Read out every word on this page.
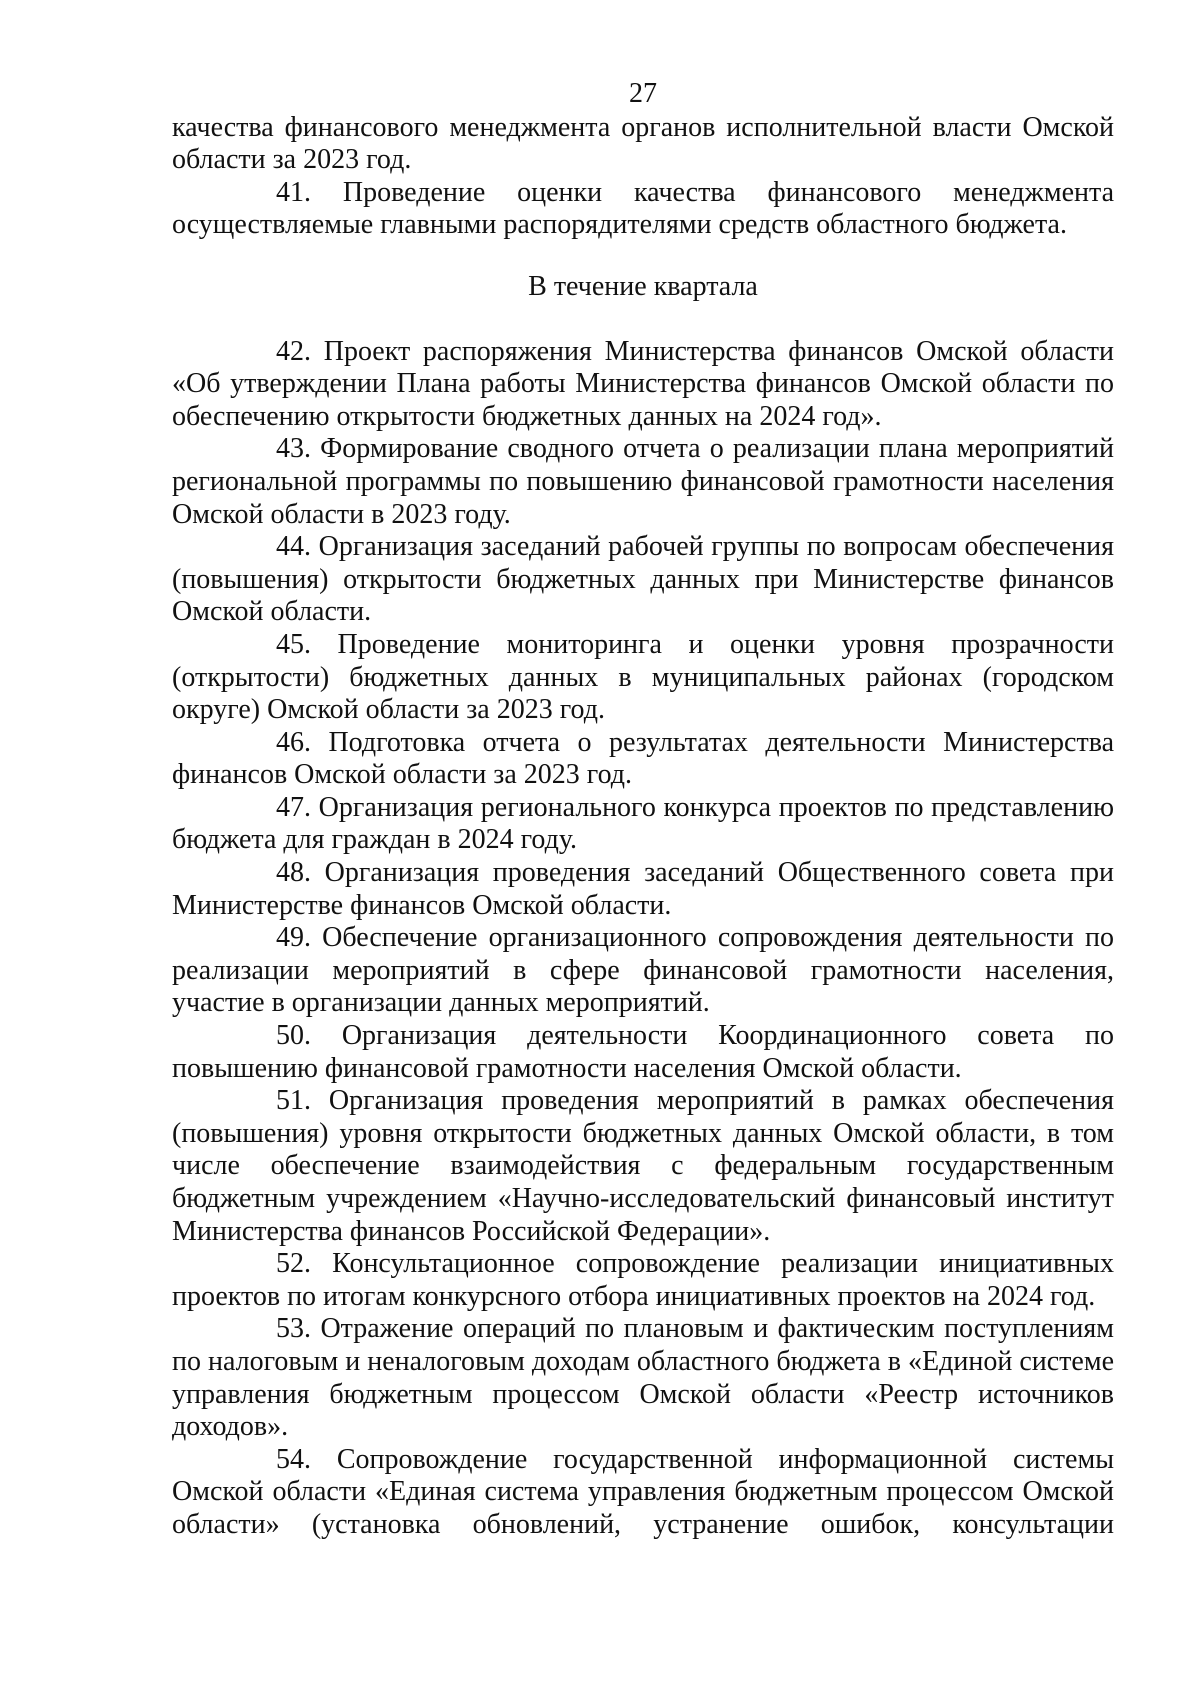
27

качества финансового менеджмента органов исполнительной власти Омской области за 2023 год.

41. Проведение оценки качества финансового менеджмента осуществляемые главными распорядителями средств областного бюджета.

В течение квартала

42. Проект распоряжения Министерства финансов Омской области «Об утверждении Плана работы Министерства финансов Омской области по обеспечению открытости бюджетных данных на 2024 год».

43. Формирование сводного отчета о реализации плана мероприятий региональной программы по повышению финансовой грамотности населения Омской области в 2023 году.

44. Организация заседаний рабочей группы по вопросам обеспечения (повышения) открытости бюджетных данных при Министерстве финансов Омской области.

45. Проведение мониторинга и оценки уровня прозрачности (открытости) бюджетных данных в муниципальных районах (городском округе) Омской области за 2023 год.

46. Подготовка отчета о результатах деятельности Министерства финансов Омской области за 2023 год.

47. Организация регионального конкурса проектов по представлению бюджета для граждан в 2024 году.

48. Организация проведения заседаний Общественного совета при Министерстве финансов Омской области.

49. Обеспечение организационного сопровождения деятельности по реализации мероприятий в сфере финансовой грамотности населения, участие в организации данных мероприятий.

50. Организация деятельности Координационного совета по повышению финансовой грамотности населения Омской области.

51. Организация проведения мероприятий в рамках обеспечения (повышения) уровня открытости бюджетных данных Омской области, в том числе обеспечение взаимодействия с федеральным государственным бюджетным учреждением «Научно-исследовательский финансовый институт Министерства финансов Российской Федерации».

52. Консультационное сопровождение реализации инициативных проектов по итогам конкурсного отбора инициативных проектов на 2024 год.

53. Отражение операций по плановым и фактическим поступлениям по налоговым и неналоговым доходам областного бюджета в «Единой системе управления бюджетным процессом Омской области «Реестр источников доходов».

54. Сопровождение государственной информационной системы Омской области «Единая система управления бюджетным процессом Омской области» (установка обновлений, устранение ошибок, консультации
